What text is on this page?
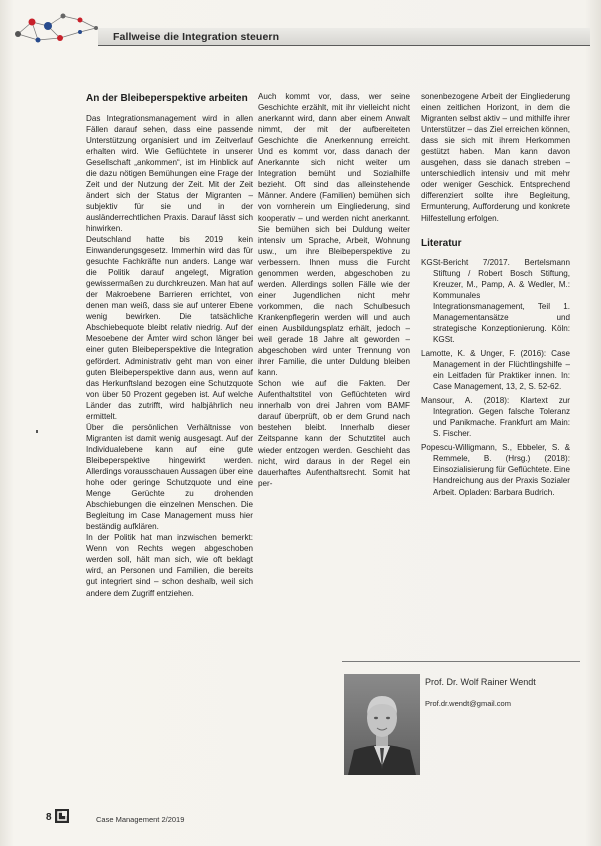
Fallweise die Integration steuern
An der Bleibeperspektive arbeiten

Das Integrationsmanagement wird in allen Fällen darauf sehen, dass eine passende Unterstützung organisiert und im Zeitverlauf erhalten wird. Wie Geflüchtete in unserer Gesellschaft „ankommen“, ist im Hinblick auf die dazu nötigen Bemühungen eine Frage der Zeit und der Nutzung der Zeit. Mit der Zeit ändert sich der Status der Migranten – subjektiv für sie und in der ausländerrechtlichen Praxis. Darauf lässt sich hinwirken.

Deutschland hatte bis 2019 kein Einwanderungsgesetz. Immerhin wird das für gesuchte Fachkräfte nun anders. Lange war die Politik darauf angelegt, Migration gewissermaßen zu durchkreuzen. Man hat auf der Makroebene Barrieren errichtet, von denen man weiß, dass sie auf unterer Ebene wenig bewirken. Die tatsächliche Abschiebequote bleibt relativ niedrig. Auf der Mesoebene der Ämter wird schon länger bei einer guten Bleibeperspektive die Integration gefördert. Administrativ geht man von einer guten Bleibeperspektive dann aus, wenn auf das Herkunftsland bezogen eine Schutzquote von über 50 Prozent gegeben ist. Auf welche Länder das zutrifft, wird halbjährlich neu ermittelt.

Über die persönlichen Verhältnisse von Migranten ist damit wenig ausgesagt. Auf der Individualebene kann auf eine gute Bleibeperspektive hingewirkt werden. Allerdings vorausschauen Aussagen über eine hohe oder geringe Schutzquote und eine Menge Gerüchte zu drohenden Abschiebungen die einzelnen Menschen. Die Begleitung im Case Management muss hier beständig aufklären.

In der Politik hat man inzwischen bemerkt: Wenn von Rechts wegen abgeschoben werden soll, hält man sich, wie oft beklagt wird, an Personen und Familien, die bereits gut integriert sind – schon deshalb, weil sich andere dem Zugriff entziehen.

Auch kommt vor, dass, wer seine Geschichte erzählt, mit ihr vielleicht nicht anerkannt wird, dann aber einem Anwalt nimmt, der mit der aufbereiteten Geschichte die Anerkennung erreicht. Und es kommt vor, dass danach der Anerkannte sich nicht weiter um Integration bemüht und Sozialhilfe bezieht. Oft sind das alleinstehende Männer. Andere (Familien) bemühen sich von vornherein um Eingliederung, sind kooperativ – und werden nicht anerkannt. Sie bemühen sich bei Duldung weiter intensiv um Sprache, Arbeit, Wohnung usw., um ihre Bleibeperspektive zu verbessern. Ihnen muss die Furcht genommen werden, abgeschoben zu werden. Allerdings sollen Fälle wie der einer Jugendlichen nicht mehr vorkommen, die nach Schulbesuch Krankenpflegerin werden will und auch einen Ausbildungsplatz erhält, jedoch – weil gerade 18 Jahre alt geworden – abgeschoben wird unter Trennung von ihrer Familie, die unter Duldung bleiben kann.

Schon wie auf die Fakten. Der Aufenthaltstitel von Geflüchteten wird innerhalb von drei Jahren vom BAMF darauf überprüft, ob er dem Grund nach bestehen bleibt. Innerhalb dieser Zeitspanne kann der Schutztitel auch wieder entzogen werden. Geschieht das nicht, wird daraus in der Regel ein dauerhaftes Aufenthaltsrecht. Somit hat per-

sonenbezogene Arbeit der Eingliederung einen zeitlichen Horizont, in dem die Migranten selbst aktiv – und mithilfe ihrer Unterstützer – das Ziel erreichen können, dass sie sich mit ihrem Herkommen gestützt haben. Man kann davon ausgehen, dass sie danach streben – unterschiedlich intensiv und mit mehr oder weniger Geschick. Entsprechend differenziert sollte ihre Begleitung, Ermunterung, Aufforderung und konkrete Hilfestellung erfolgen.

Literatur
KGSt-Bericht 7/2017. Bertelsmann Stiftung / Robert Bosch Stiftung, Kreuzer, M., Pamp, A. & Wedler, M.: Kommunales Integrationsmanagement, Teil 1. Managementansätze und strategische Konzeptionierung. Köln: KGSt.
Lamotte, K. & Unger, F. (2016): Case Management in der Flüchtlingshilfe – ein Leitfaden für Praktiker innen. In: Case Management, 13, 2, S. 52-62.
Mansour, A. (2018): Klartext zur Integration. Gegen falsche Toleranz und Panikmache. Frankfurt am Main: S. Fischer.
Popescu-Willigmann, S., Ebbeler, S. & Remmele, B. (Hrsg.) (2018): Einsozialisierung für Geflüchtete. Eine Handreichung aus der Praxis Sozialer Arbeit. Opladen: Barbara Budrich.
Prof. Dr. Wolf Rainer Wendt
Prof.dr.wendt@gmail.com
8	Case Management 2/2019
